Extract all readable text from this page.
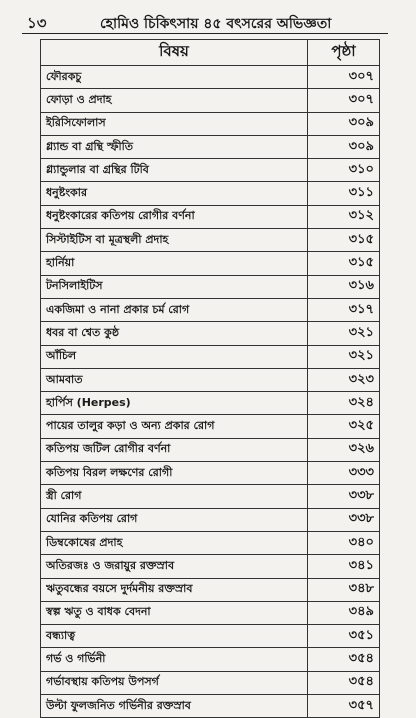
১৩	হোমিও চিকিৎসায় ৪৫ বৎসরের অভিজ্ঞতা
বিষয়	পৃষ্ঠা
ফৌরকচু	৩০৭
ফোড়া ও প্রদাহ	৩০৭
ইরিসিফোলাস	৩০৯
গ্ল্যান্ড বা গ্রন্থি স্ফীতি	৩০৯
গ্ল্যান্ডুলার বা গ্রন্থির টিবি	৩১০
ধনুষ্টংকার	৩১১
ধনুষ্টংকারের কতিপয় রোগীর বর্ণনা	৩১২
সিস্টাইটিস বা মূত্রস্থলী প্রদাহ	৩১৫
হার্নিয়া	৩১৫
টনসিলাইটিস	৩১৬
একজিমা ও নানা প্রকার চর্ম রোগ	৩১৭
ধবর বা শ্বেত কুষ্ঠ	৩২১
আঁচিল	৩২১
আমবাত	৩২৩
হার্পিস (Herpes)	৩২৪
পায়ের তালুর কড়া ও অন্য প্রকার রোগ	৩২৫
কতিপয় জটিল রোগীর বর্ণনা	৩২৬
কতিপয় বিরল লক্ষণের রোগী	৩৩৩
স্ত্রী রোগ	৩৩৮
যোনির কতিপয় রোগ	৩৩৮
ডিম্বকোষের প্রদাহ	৩৪০
অতিরজঃ ও জরায়ুর রক্তস্রাব	৩৪১
ঋতুবন্ধের বয়সে দুর্দমনীয় রক্তস্রাব	৩৪৮
স্বল্প ঋতু ও বাধক বেদনা	৩৪৯
বন্ধ্যাত্ব	৩৫১
গর্ভ ও গর্ভিনী	৩৫৪
গর্ভাবস্থায় কতিপয় উপসর্গ	৩৫৪
উল্টা ফুলজনিত গর্ভিনীর রক্তস্রাব	৩৫৭
